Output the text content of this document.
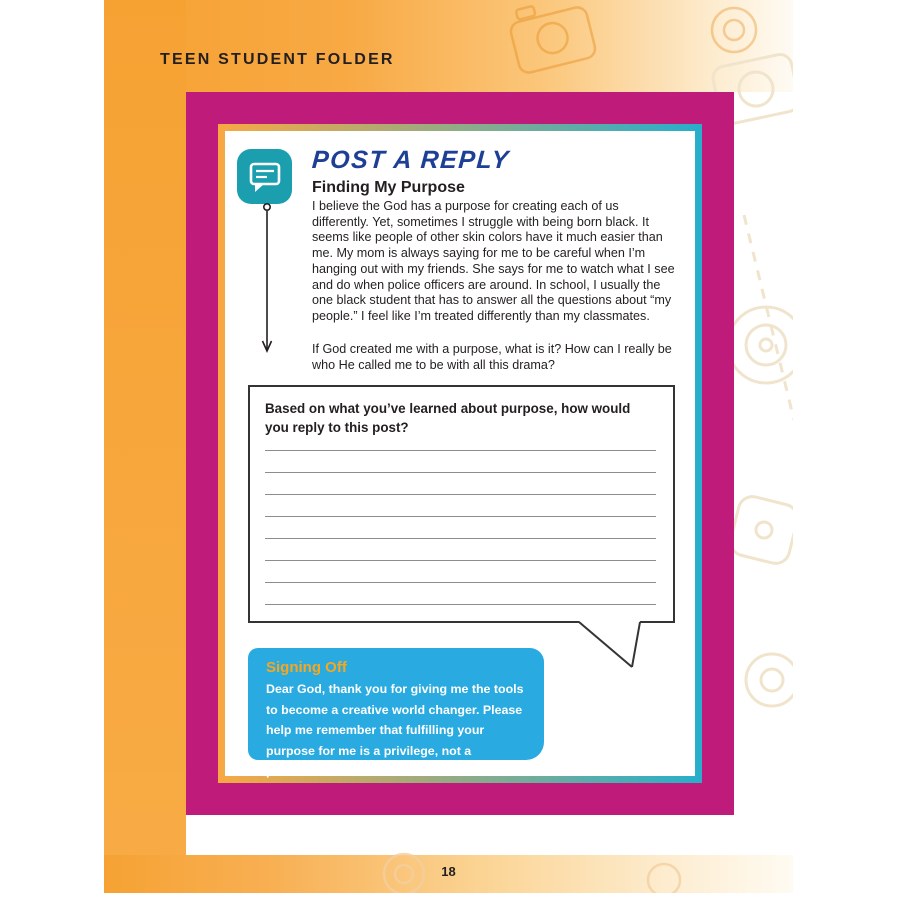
TEEN STUDENT FOLDER
POST A REPLY
Finding My Purpose
I believe the God has a purpose for creating each of us differently. Yet, sometimes I struggle with being born black. It seems like people of other skin colors have it much easier than me. My mom is always saying for me to be careful when I’m hanging out with my friends. She says for me to watch what I see and do when police officers are around. In school, I usually the one black student that has to answer all the questions about “my people.” I feel like I’m treated differently than my classmates.
If God created me with a purpose, what is it? How can I really be who He called me to be with all this drama?
Based on what you’ve learned about purpose, how would you reply to this post?
Signing Off
Dear God, thank you for giving me the tools to become a creative world changer. Please help me remember that fulfilling your purpose for me is a privilege, not a punishment. In Jesus’ name. Amen.
18
